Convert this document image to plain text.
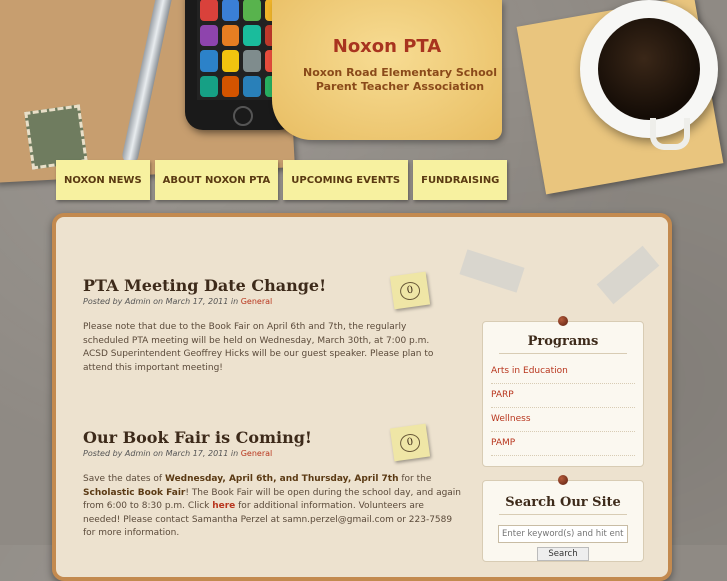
Noxon PTA
Noxon Road Elementary School
Parent Teacher Association
NOXON NEWS	ABOUT NOXON PTA	UPCOMING EVENTS	FUNDRAISING
PTA Meeting Date Change!
Posted by Admin on March 17, 2011 in General
0

Please note that due to the Book Fair on April 6th and 7th, the regularly scheduled PTA meeting will be held on Wednesday, March 30th, at 7:00 p.m. ACSD Superintendent Geoffrey Hicks will be our guest speaker. Please plan to attend this important meeting!

Our Book Fair is Coming!
Posted by Admin on March 17, 2011 in General
0

Save the dates of Wednesday, April 6th, and Thursday, April 7th for the Scholastic Book Fair! The Book Fair will be open during the school day, and again from 6:00 to 8:30 p.m. Click here for additional information. Volunteers are needed! Please contact Samantha Perzel at samn.perzel@gmail.com or 223-7589 for more information.

Programs
Arts in Education
PARP
Wellness
PAMP
Search Our Site
Enter keyword(s) and hit enter
Search
